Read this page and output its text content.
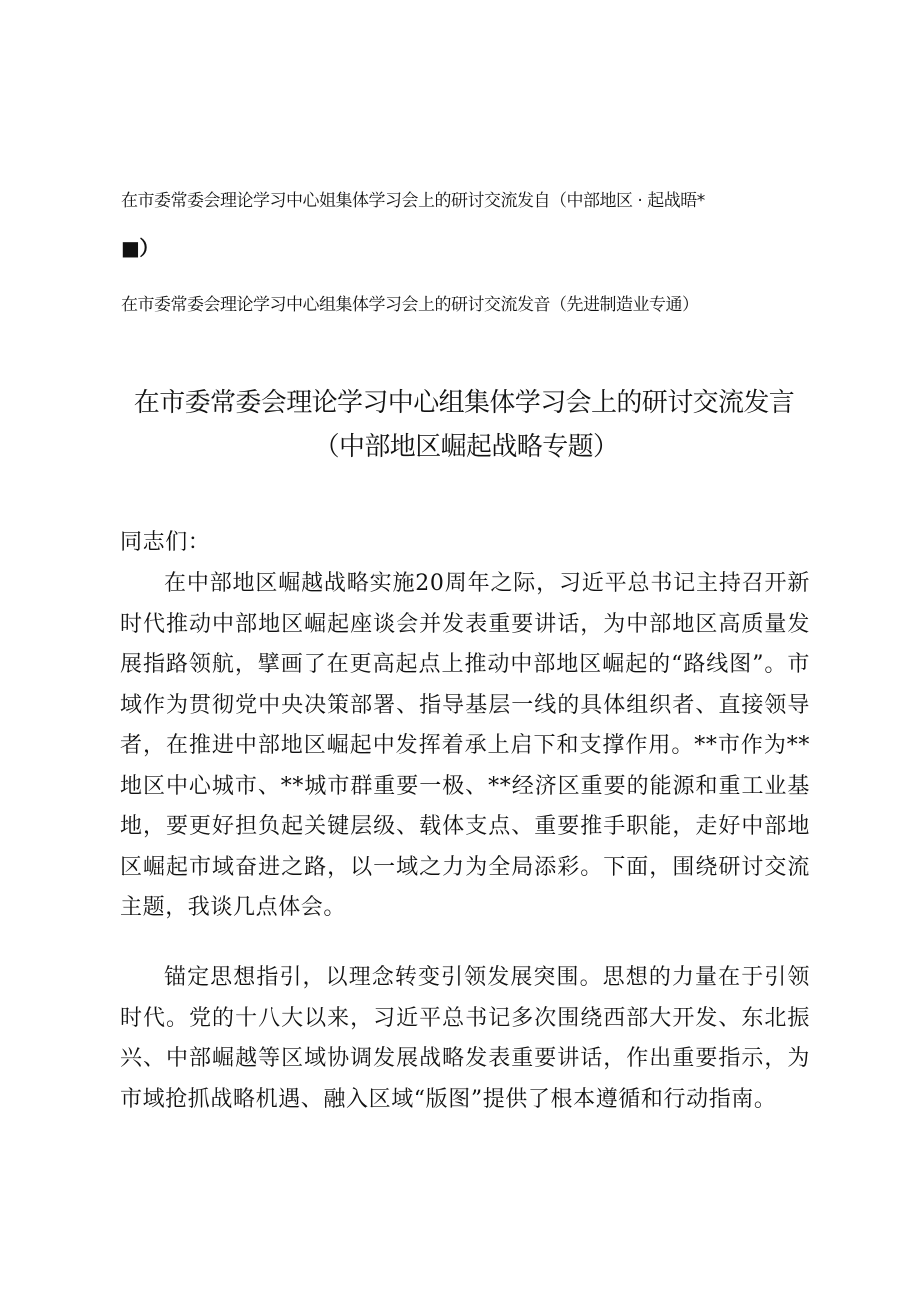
在市委常委会理论学习中心姐集体学习会上的研讨交流发自（中部地区 · 起战晤*
■）
在市委常委会理论学习中心组集体学习会上的研讨交流发音（先进制造业专通）
在市委常委会理论学习中心组集体学习会上的研讨交流发言
（中部地区崛起战略专题）
同志们：
在中部地区崛越战略实施20周年之际，习近平总书记主持召开新时代推动中部地区崛起座谈会并发表重要讲话，为中部地区高质量发展指路领航，擘画了在更高起点上推动中部地区崛起的“路线图”。市域作为贯彻党中央决策部署、指导基层一线的具体组织者、直接领导者，在推进中部地区崛起中发挥着承上启下和支撑作用。**市作为**地区中心城市、**城市群重要一极、**经济区重要的能源和重工业基地，要更好担负起关键层级、载体支点、重要推手职能，走好中部地区崛起市域奋进之路，以一域之力为全局添彩。下面，围绕研讨交流主题，我谈几点体会。
锚定思想指引，以理念转变引领发展突围。思想的力量在于引领时代。党的十八大以来，习近平总书记多次围绕西部大开发、东北振兴、中部崛越等区域协调发展战略发表重要讲话，作出重要指示，为市域抢抓战略机遇、融入区域“版图”提供了根本遵循和行动指南。
